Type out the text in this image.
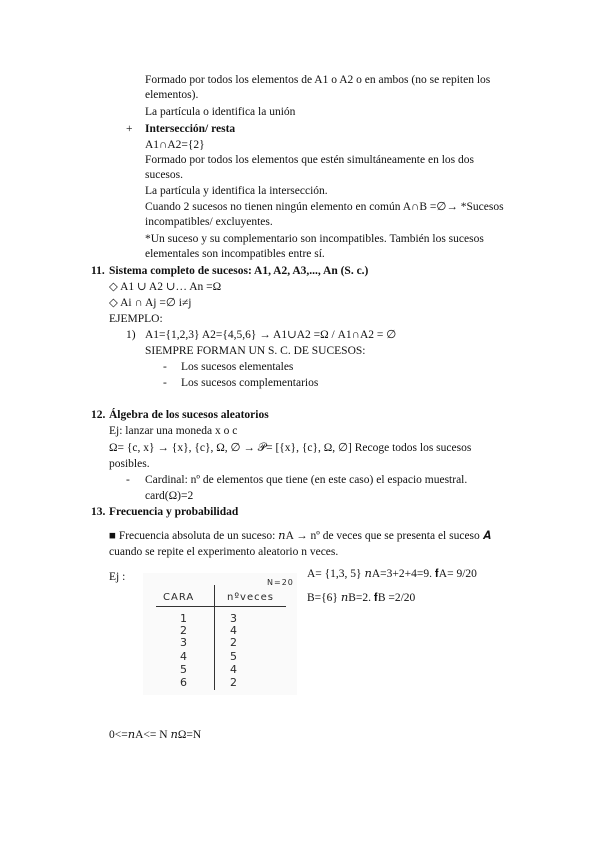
Formado por todos los elementos de A1 o A2 o en ambos (no se repiten los
elementos).
La partícula o identifica la unión
+ Intersección/ resta
A1∩A2={2}
Formado por todos los elementos que estén simultáneamente en los dos
sucesos.
La partícula y identifica la intersección.
Cuando 2 sucesos no tienen ningún elemento en común A∩B =∅→ *Sucesos
incompatibles/ excluyentes.
*Un suceso y su complementario son incompatibles. También los sucesos
elementales son incompatibles entre sí.
11. Sistema completo de sucesos: A1, A2, A3,..., An (S. c.)
◇ A1 ∪ A2 ∪… An =Ω
◇ Ai ∩ Aj =∅ i≠j
EJEMPLO:
1) A1={1,2,3} A2={4,5,6} → A1∪A2 =Ω / A1∩A2 = ∅
SIEMPRE FORMAN UN S. C. DE SUCESOS:
- Los sucesos elementales
- Los sucesos complementarios
12. Álgebra de los sucesos aleatorios
Ej: lanzar una moneda x o c
Ω= {c, x} → {x}, {c}, Ω, ∅ → 𝒫= [{x}, {c}, Ω, ∅] Recoge todos los sucesos
posibles.
- Cardinal: nº de elementos que tiene (en este caso) el espacio muestral.
card(Ω)=2
13. Frecuencia y probabilidad
■ Frecuencia absoluta de un suceso: 𝑛A → nº de veces que se presenta el suceso 𝑨
cuando se repite el experimento aleatorio n veces.
Ej :	A= {1,3, 5} 𝑛A=3+2+4=9. 𝐟A= 9/20
B={6} 𝑛B=2. 𝐟B =2/20
0<=𝑛A<= N 𝑛Ω=N
N=20
CARA	nºveces
1
2
3
4
5
6
3
4
2
5
4
2
